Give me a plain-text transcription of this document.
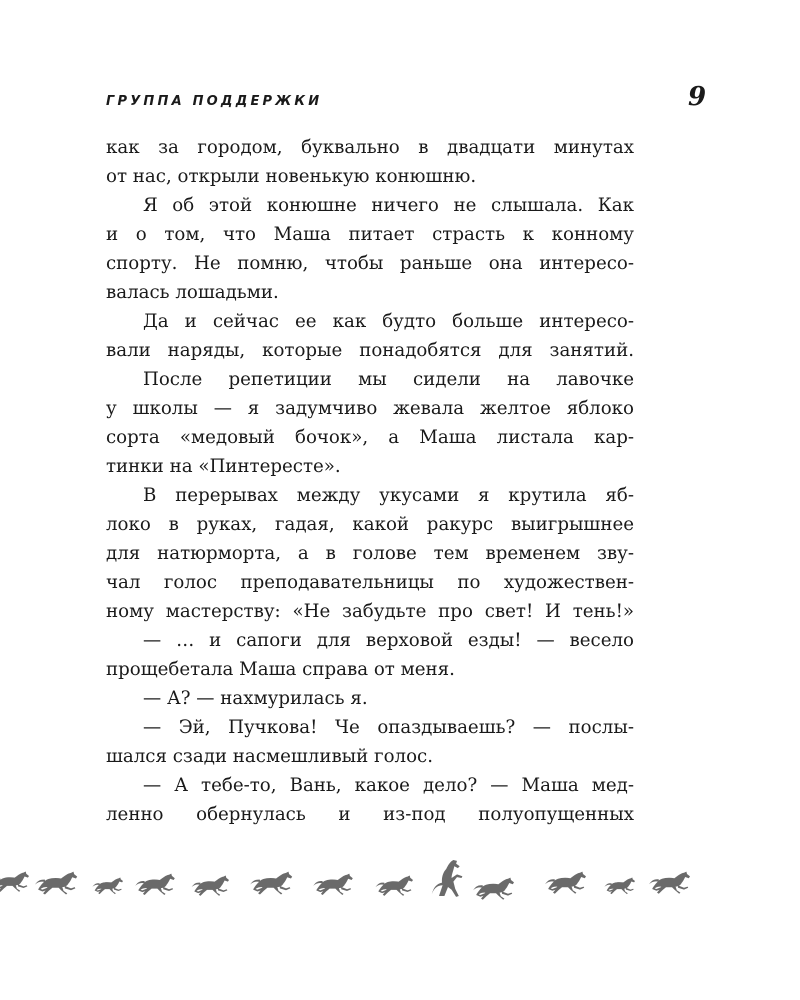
ГРУППА ПОДДЕРЖКИ	9
как за городом, буквально в двадцати минутах
от нас, открыли новенькую конюшню.
Я об этой конюшне ничего не слышала. Как
и о том, что Маша питает страсть к конному
спорту. Не помню, чтобы раньше она интересо-
валась лошадьми.
Да и сейчас ее как будто больше интересо-
вали наряды, которые понадобятся для занятий.
После репетиции мы сидели на лавочке
у школы — я задумчиво жевала желтое яблоко
сорта «медовый бочок», а Маша листала кар-
тинки на «Пинтересте».
В перерывах между укусами я крутила яб-
локо в руках, гадая, какой ракурс выигрышнее
для натюрморта, а в голове тем временем зву-
чал голос преподавательницы по художествен-
ному мастерству: «Не забудьте про свет! И тень!»
— … и сапоги для верховой езды! — весело
прощебетала Маша справа от меня.
— А? — нахмурилась я.
— Эй, Пучкова! Че опаздываешь? — послы-
шался сзади насмешливый голос.
— А тебе-то, Вань, какое дело? — Маша мед-
ленно обернулась и из-под полуопущенных
